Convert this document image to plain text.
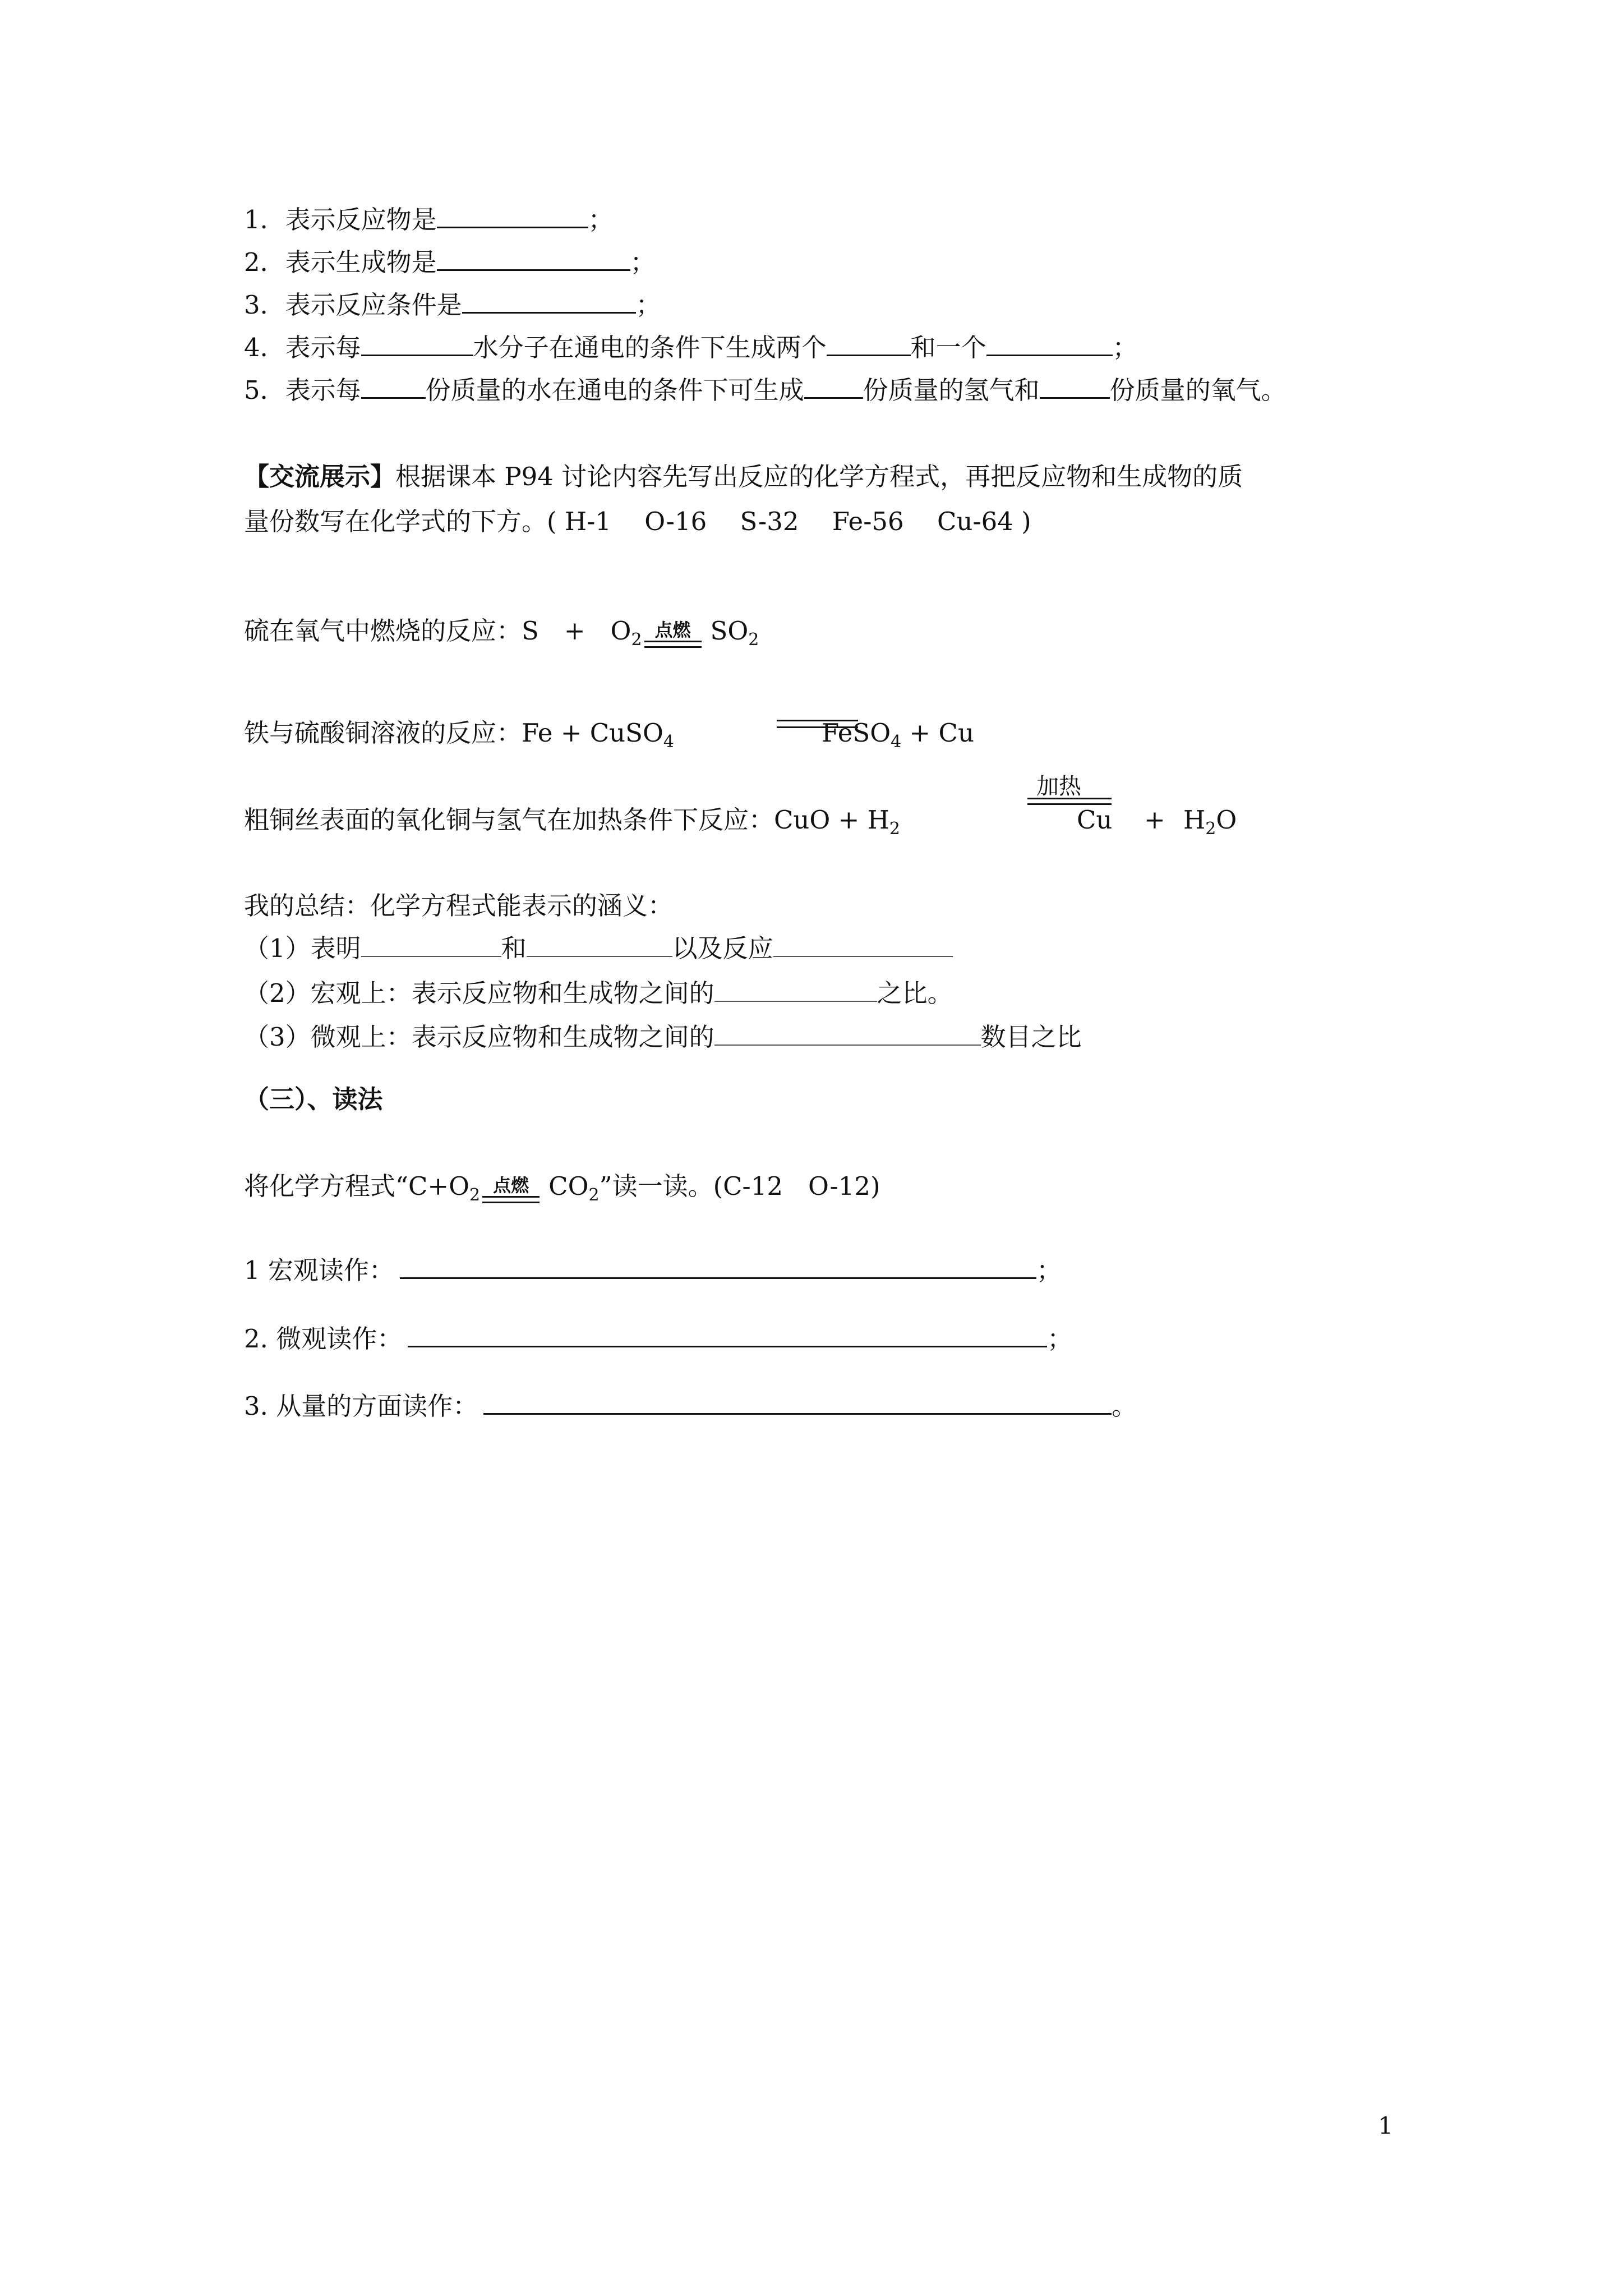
1．表示反应物是	；
2．表示生成物是	；
3．表示反应条件是	；
4．表示每	水分子在通电的条件下生成两个	和一个	；
5．表示每	份质量的水在通电的条件下可生成 份质量的氢气和	份质量的氧气。
【交流展示】根据课本 P94 讨论内容先写出反应的化学方程式，再把反应物和生成物的质
量份数写在化学式的下方。( H-1　 O-16　 S-32　 Fe-56　 Cu-64 )
硫在氧气中燃烧的反应：S　+　$O_2$ 点燃 $SO_2$
铁与硫酸铜溶液的反应：Fe + CuSO$_4$	FeSO$_4$ + Cu
加热
粗铜丝表面的氧化铜与氢气在加热条件下反应：CuO + $H_2$	$Cu + H_2O$
我的总结：化学方程式能表示的涵义：
（1）表明	和	以及反应
（2）宏观上：表示反应物和生成物之间的	之比。
（3）微观上：表示反应物和生成物之间的	数目之比
（三）、读法
将化学方程式“$C+O_2$ 点燃 $CO_2$”读一读。(C-12　O-12)
1 宏观读作：	；
2. 微观读作：	；
3. 从量的方面读作：	。
1
